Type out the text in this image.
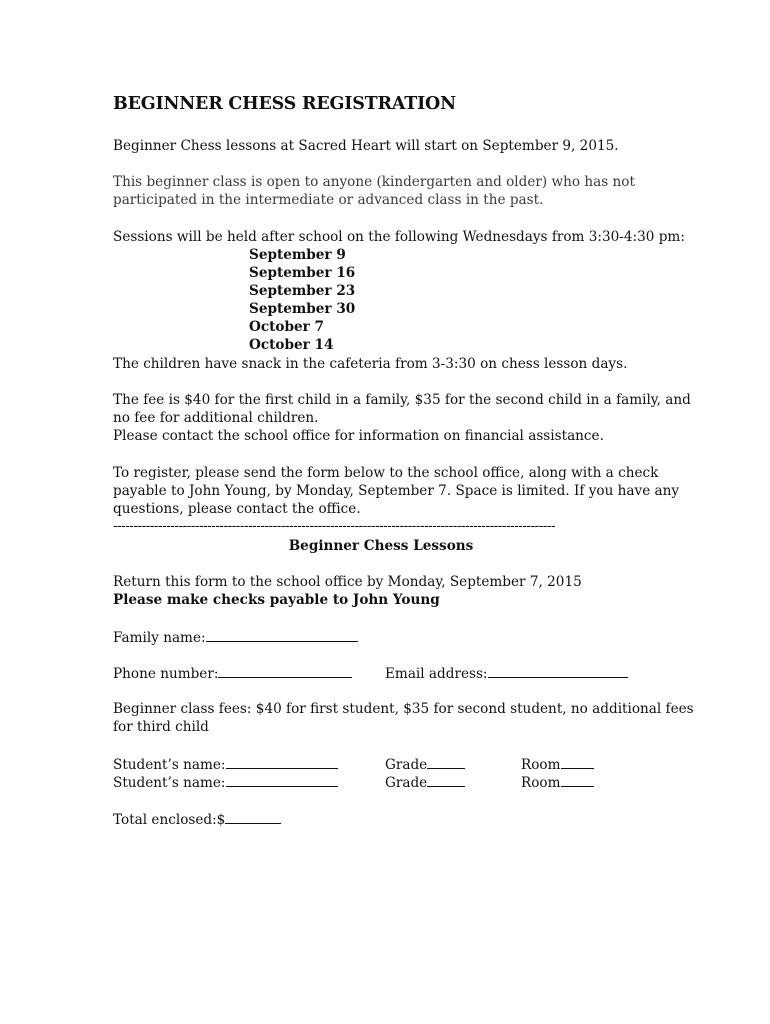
BEGINNER CHESS REGISTRATION
Beginner Chess lessons at Sacred Heart will start on September 9, 2015.
This beginner class is open to anyone (kindergarten and older) who has not
participated in the intermediate or advanced class in the past.
Sessions will be held after school on the following Wednesdays from 3:30-4:30 pm:
September 9
September 16
September 23
September 30
October 7
October 14
The children have snack in the cafeteria from 3-3:30 on chess lesson days.
The fee is $40 for the first child in a family, $35 for the second child in a family, and
no fee for additional children.
Please contact the school office for information on financial assistance.
To register, please send the form below to the school office, along with a check
payable to John Young, by Monday, September 7. Space is limited. If you have any
questions, please contact the office.
------------------------------------------------------------------------------------------------------------
Beginner Chess Lessons
Return this form to the school office by Monday, September 7, 2015
Please make checks payable to John Young
Family name:
Phone number:	Email address:
Beginner class fees: $40 for first student, $35 for second student, no additional fees
for third child
Student’s name:	Grade	Room
Student’s name:	Grade	Room
Total enclosed:$
